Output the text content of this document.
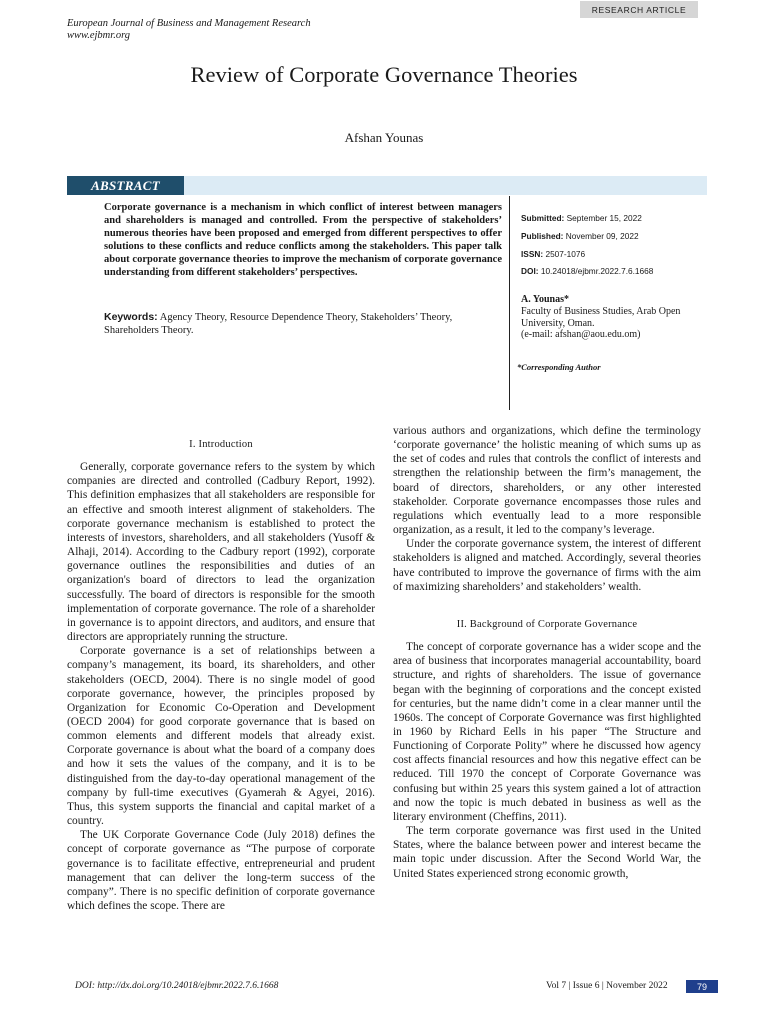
RESEARCH ARTICLE
European Journal of Business and Management Research
www.ejbmr.org
Review of Corporate Governance Theories
Afshan Younas
ABSTRACT

Corporate governance is a mechanism in which conflict of interest between managers and shareholders is managed and controlled. From the perspective of stakeholders’ numerous theories have been proposed and emerged from different perspectives to offer solutions to these conflicts and reduce conflicts among the stakeholders. This paper talk about corporate governance theories to improve the mechanism of corporate governance understanding from different stakeholders’ perspectives.

Keywords: Agency Theory, Resource Dependence Theory, Stakeholders’ Theory, Shareholders Theory.

Submitted: September 15, 2022
Published: November 09, 2022
ISSN: 2507-1076
DOI: 10.24018/ejbmr.2022.7.6.1668
A. Younas*
Faculty of Business Studies, Arab Open University, Oman.
(e-mail: afshan@aou.edu.om)
*Corresponding Author
I. Introduction

Generally, corporate governance refers to the system by which companies are directed and controlled (Cadbury Report, 1992). This definition emphasizes that all stakeholders are responsible for an effective and smooth interest alignment of stakeholders. The corporate governance mechanism is established to protect the interests of investors, shareholders, and all stakeholders (Yusoff & Alhaji, 2014). According to the Cadbury report (1992), corporate governance outlines the responsibilities and duties of an organization's board of directors to lead the organization successfully. The board of directors is responsible for the smooth implementation of corporate governance. The role of a shareholder in governance is to appoint directors, and auditors, and ensure that directors are appropriately running the structure.

Corporate governance is a set of relationships between a company’s management, its board, its shareholders, and other stakeholders (OECD, 2004). There is no single model of good corporate governance, however, the principles proposed by Organization for Economic Co-Operation and Development (OECD 2004) for good corporate governance that is based on common elements and different models that already exist. Corporate governance is about what the board of a company does and how it sets the values of the company, and it is to be distinguished from the day-to-day operational management of the company by full-time executives (Gyamerah & Agyei, 2016). Thus, this system supports the financial and capital market of a country.

The UK Corporate Governance Code (July 2018) defines the concept of corporate governance as “The purpose of corporate governance is to facilitate effective, entrepreneurial and prudent management that can deliver the long-term success of the company”. There is no specific definition of corporate governance which defines the scope. There are

various authors and organizations, which define the terminology ‘corporate governance’ the holistic meaning of which sums up as the set of codes and rules that controls the conflict of interests and strengthen the relationship between the firm’s management, the board of directors, shareholders, or any other interested stakeholder. Corporate governance encompasses those rules and regulations which eventually lead to a more responsible organization, as a result, it led to the company’s leverage.

Under the corporate governance system, the interest of different stakeholders is aligned and matched. Accordingly, several theories have contributed to improve the governance of firms with the aim of maximizing shareholders’ and stakeholders’ wealth.

II. Background of Corporate Governance

The concept of corporate governance has a wider scope and the area of business that incorporates managerial accountability, board structure, and rights of shareholders. The issue of governance began with the beginning of corporations and the concept existed for centuries, but the name didn’t come in a clear manner until the 1960s. The concept of Corporate Governance was first highlighted in 1960 by Richard Eells in his paper “The Structure and Functioning of Corporate Polity” where he discussed how agency cost affects financial resources and how this negative effect can be reduced. Till 1970 the concept of Corporate Governance was confusing but within 25 years this system gained a lot of attraction and now the topic is much debated in business as well as the literary environment (Cheffins, 2011).

The term corporate governance was first used in the United States, where the balance between power and interest became the main topic under discussion. After the Second World War, the United States experienced strong economic growth,

DOI: http://dx.doi.org/10.24018/ejbmr.2022.7.6.1668	Vol 7 | Issue 6 | November 2022	79
